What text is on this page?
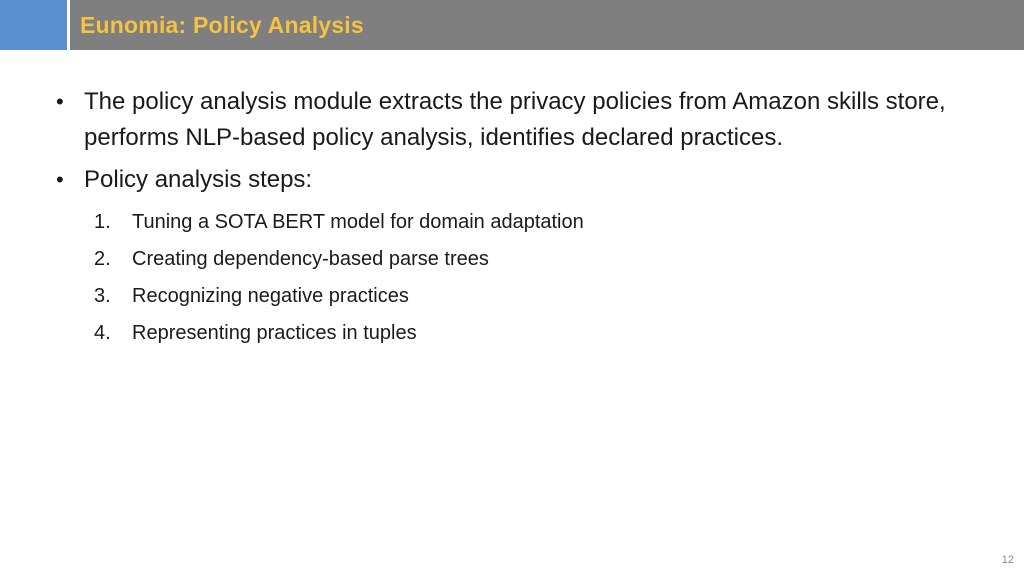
Eunomia: Policy Analysis
• The policy analysis module extracts the privacy policies from Amazon skills store, performs NLP-based policy analysis, identifies declared practices.
• Policy analysis steps:
1. Tuning a SOTA BERT model for domain adaptation
2. Creating dependency-based parse trees
3. Recognizing negative practices
4. Representing practices in tuples
12
